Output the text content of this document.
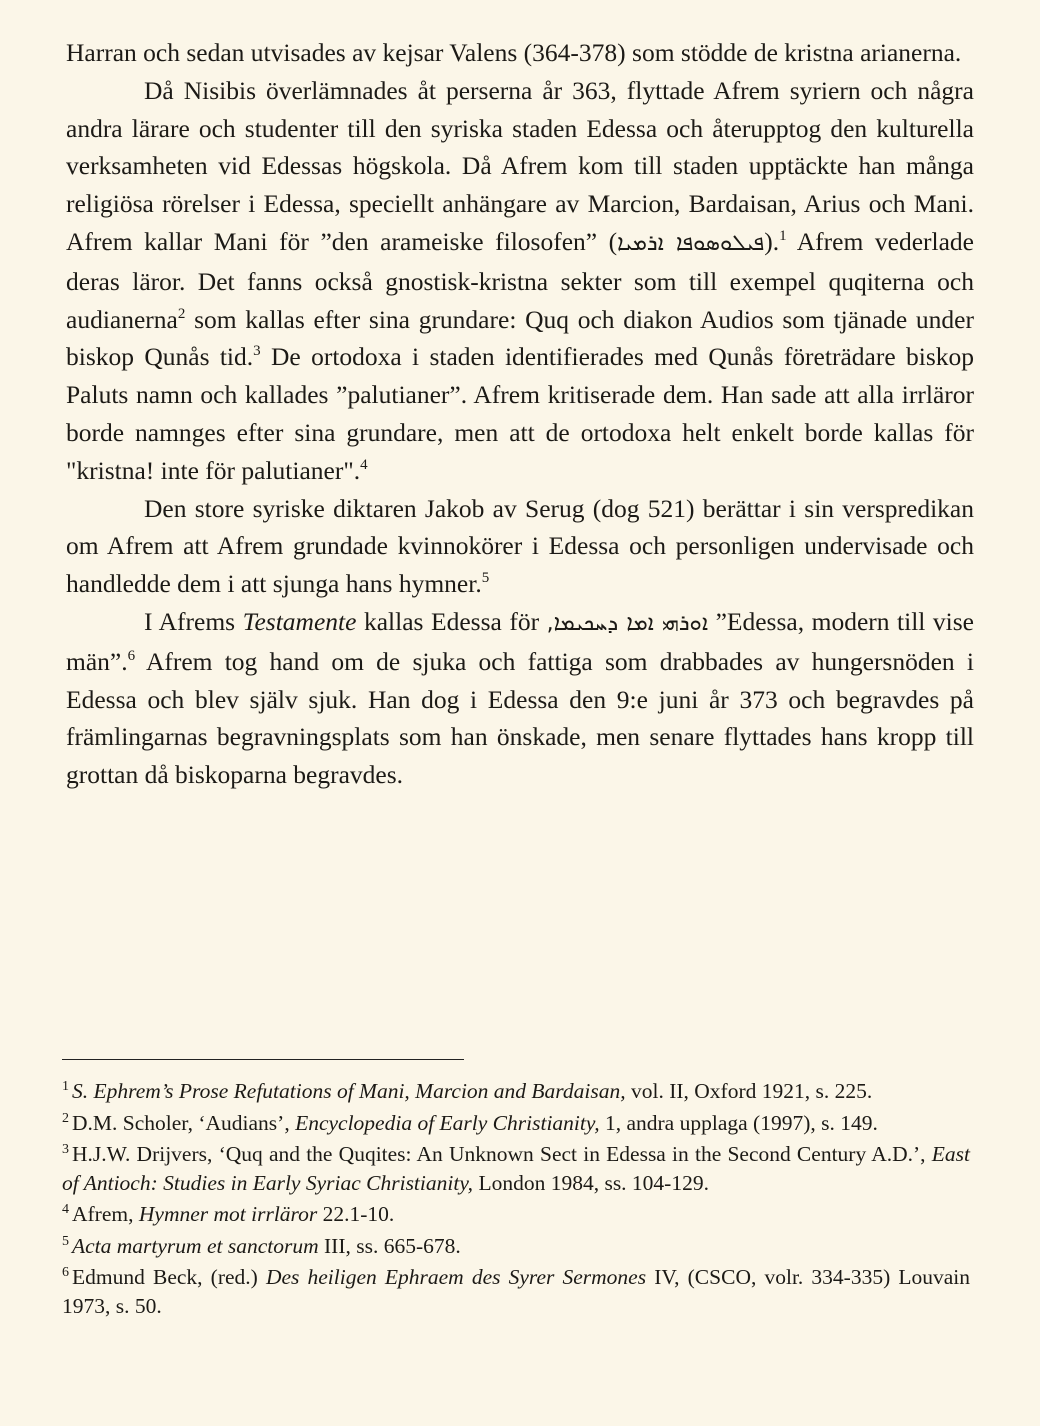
Harran och sedan utvisades av kejsar Valens (364-378) som stödde de kristna arianerna.

Då Nisibis överlämnades åt perserna år 363, flyttade Afrem syriern och några andra lärare och studenter till den syriska staden Edessa och återupptog den kulturella verksamheten vid Edessas högskola. Då Afrem kom till staden upptäckte han många religiösa rörelser i Edessa, speciellt anhängare av Marcion, Bardaisan, Arius och Mani. Afrem kallar Mani för ”den arameiske filosofen” (ܦܝܠܘܣܘܦܐ ܐܪܡܝܐ).$^1$ Afrem vederlade deras läror. Det fanns också gnostisk-kristna sekter som till exempel quqiterna och audianerna$^2$ som kallas efter sina grundare: Quq och diakon Audios som tjänade under biskop Qunås tid.$^3$ De ortodoxa i staden identifierades med Qunås företrädare biskop Paluts namn och kallades ”palutianer”. Afrem kritiserade dem. Han sade att alla irrläror borde namnges efter sina grundare, men att de ortodoxa helt enkelt borde kallas för "kristna! inte för palutianer".$^4$

Den store syriske diktaren Jakob av Serug (dog 521) berättar i sin verspredikan om Afrem att Afrem grundade kvinnokörer i Edessa och personligen undervisade och handledde dem i att sjunga hans hymner.$^5$

I Afrems Testamente kallas Edessa för ܐܘܪܗܝ ܐܡܐ ܕܚܟܝܡܐ, ”Edessa, modern till vise män”.$^6$ Afrem tog hand om de sjuka och fattiga som drabbades av hungersnöden i Edessa och blev själv sjuk. Han dog i Edessa den 9:e juni år 373 och begravdes på främlingarnas begravningsplats som han önskade, men senare flyttades hans kropp till grottan då biskoparna begravdes.

$^1$ S. Ephrem’s Prose Refutations of Mani, Marcion and Bardaisan, vol. II, Oxford 1921, s. 225.

$^2$ D.M. Scholer, ‘Audians’, Encyclopedia of Early Christianity, 1, andra upplaga (1997), s. 149.

$^3$ H.J.W. Drijvers, ‘Quq and the Quqites: An Unknown Sect in Edessa in the Second Century A.D.’, East of Antioch: Studies in Early Syriac Christianity, London 1984, ss. 104-129.

$^4$ Afrem, Hymner mot irrläror 22.1-10.

$^5$ Acta martyrum et sanctorum III, ss. 665-678.

$^6$ Edmund Beck, (red.) Des heiligen Ephraem des Syrer Sermones IV, (CSCO, volr. 334-335) Louvain 1973, s. 50.
